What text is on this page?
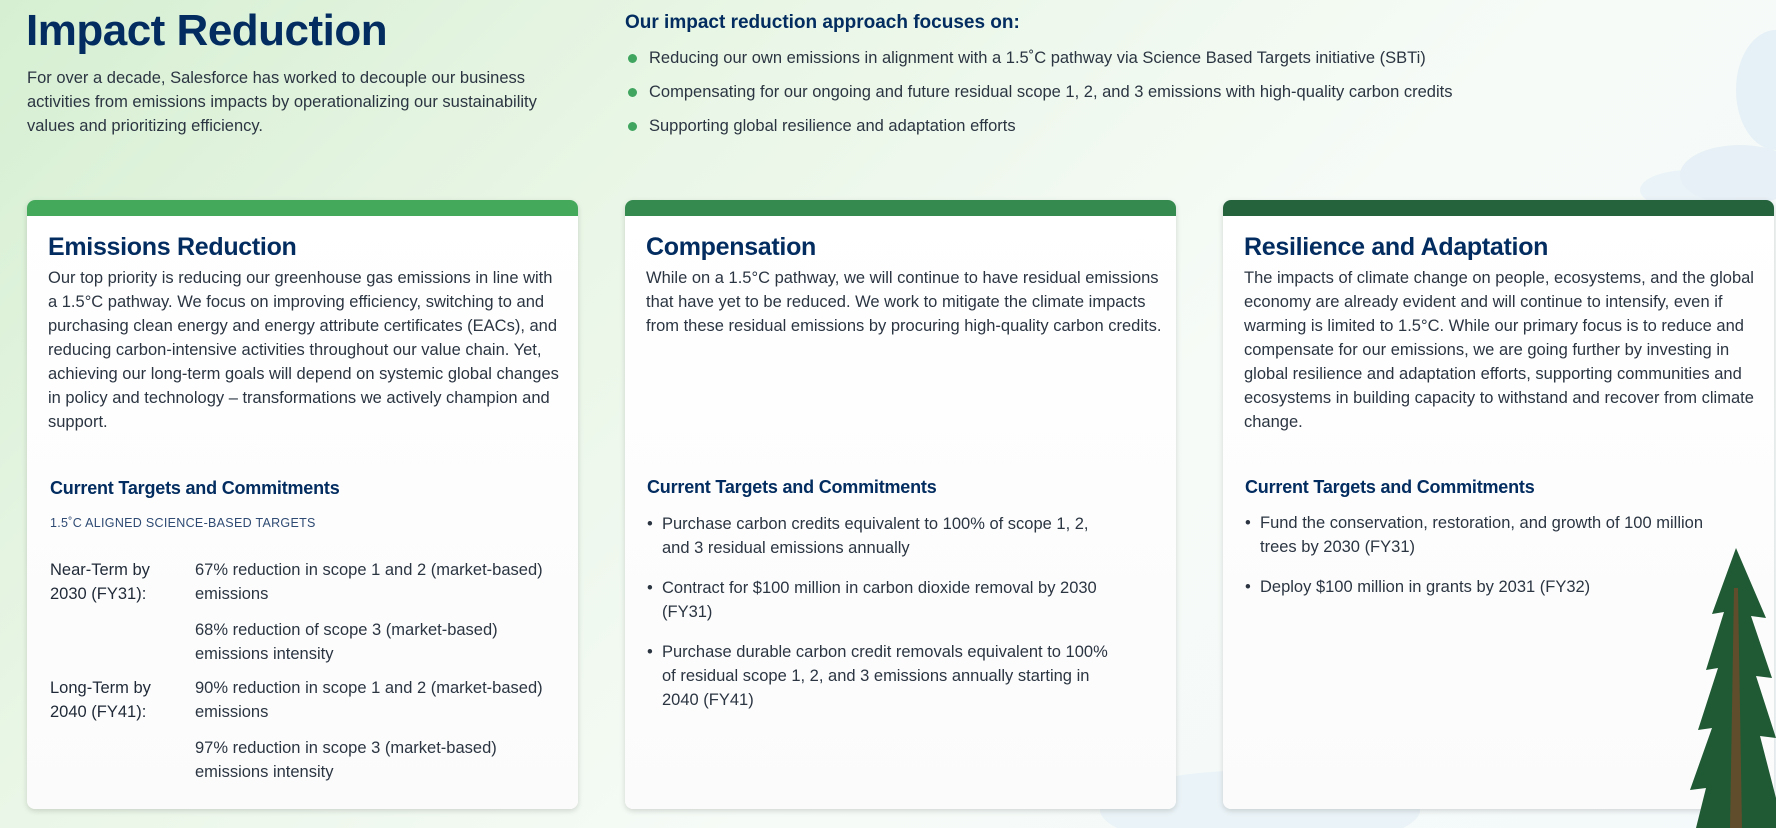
Impact Reduction

For over a decade, Salesforce has worked to decouple our business activities from emissions impacts by operationalizing our sustainability values and prioritizing efficiency.

Our impact reduction approach focuses on:
Reducing our own emissions in alignment with a 1.5˚C pathway via Science Based Targets initiative (SBTi)
Compensating for our ongoing and future residual scope 1, 2, and 3 emissions with high-quality carbon credits
Supporting global resilience and adaptation efforts
Emissions Reduction

Our top priority is reducing our greenhouse gas emissions in line with a 1.5°C pathway. We focus on improving efficiency, switching to and purchasing clean energy and energy attribute certificates (EACs), and reducing carbon-intensive activities throughout our value chain. Yet, achieving our long-term goals will depend on systemic global changes in policy and technology – transformations we actively champion and support.

Current Targets and Commitments

1.5˚C ALIGNED SCIENCE-BASED TARGETS

Near-Term by 2030 (FY31):
67% reduction in scope 1 and 2 (market-based) emissions
68% reduction of scope 3 (market-based) emissions intensity
Long-Term by 2040 (FY41):
90% reduction in scope 1 and 2 (market-based) emissions
97% reduction in scope 3 (market-based) emissions intensity
Compensation

While on a 1.5°C pathway, we will continue to have residual emissions that have yet to be reduced. We work to mitigate the climate impacts from these residual emissions by procuring high-quality carbon credits.

Current Targets and Commitments
• Purchase carbon credits equivalent to 100% of scope 1, 2, and 3 residual emissions annually
• Contract for $100 million in carbon dioxide removal by 2030 (FY31)
• Purchase durable carbon credit removals equivalent to 100% of residual scope 1, 2, and 3 emissions annually starting in 2040 (FY41)
Resilience and Adaptation

The impacts of climate change on people, ecosystems, and the global economy are already evident and will continue to intensify, even if warming is limited to 1.5°C. While our primary focus is to reduce and compensate for our emissions, we are going further by investing in global resilience and adaptation efforts, supporting communities and ecosystems in building capacity to withstand and recover from climate change.

Current Targets and Commitments
• Fund the conservation, restoration, and growth of 100 million trees by 2030 (FY31)
• Deploy $100 million in grants by 2031 (FY32)
